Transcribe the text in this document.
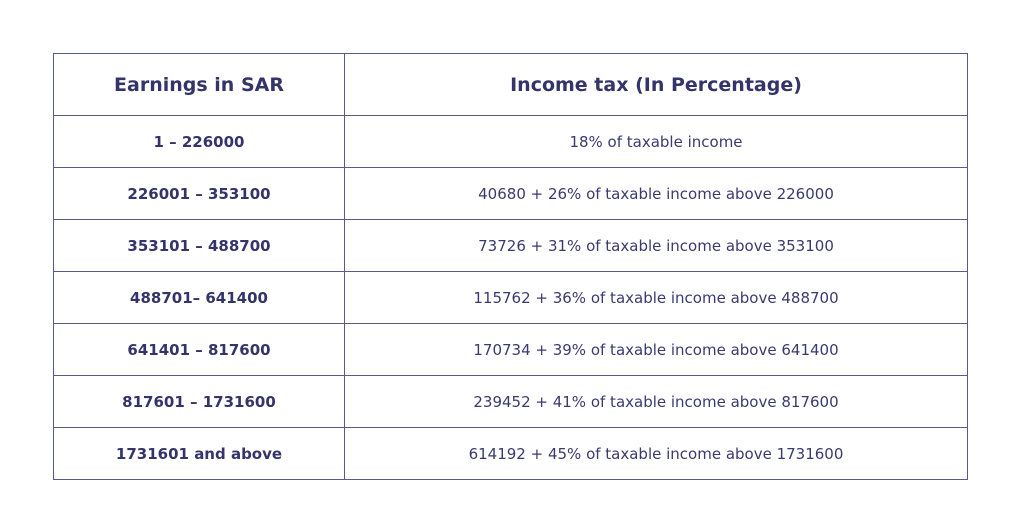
Earnings in SAR	Income tax (In Percentage)
1 – 226000	18% of taxable income
226001 – 353100	40680 + 26% of taxable income above 226000
353101 – 488700	73726 + 31% of taxable income above 353100
488701– 641400	115762 + 36% of taxable income above 488700
641401 – 817600	170734 + 39% of taxable income above 641400
817601 – 1731600	239452 + 41% of taxable income above 817600
1731601 and above	614192 + 45% of taxable income above 1731600
